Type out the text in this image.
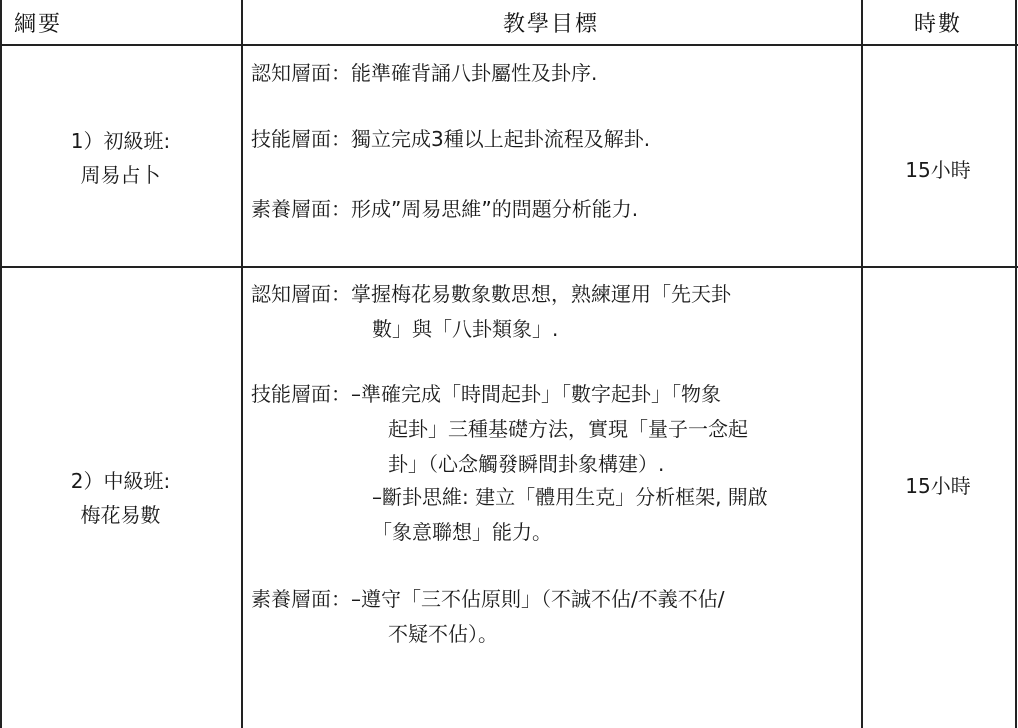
綱要	教學目標	時數
1）初級班:
周易占卜
認知層面：能準確背誦八卦屬性及卦序.
技能層面：獨立完成3種以上起卦流程及解卦.
素養層面：形成”周易思維”的問題分析能力.
15小時
2）中級班:
梅花易數
認知層面：掌握梅花易數象數思想，熟練運用「先天卦
數」與「八卦類象」.
技能層面：–準確完成「時間起卦」「數字起卦」「物象
起卦」三種基礎方法，實現「量子一念起
卦」（心念觸發瞬間卦象構建）.
–斷卦思維: 建立「體用生克」分析框架, 開啟
「象意聯想」能力。
素養層面：–遵守「三不佔原則」（不誠不佔/不義不佔/
不疑不佔）。
15小時
